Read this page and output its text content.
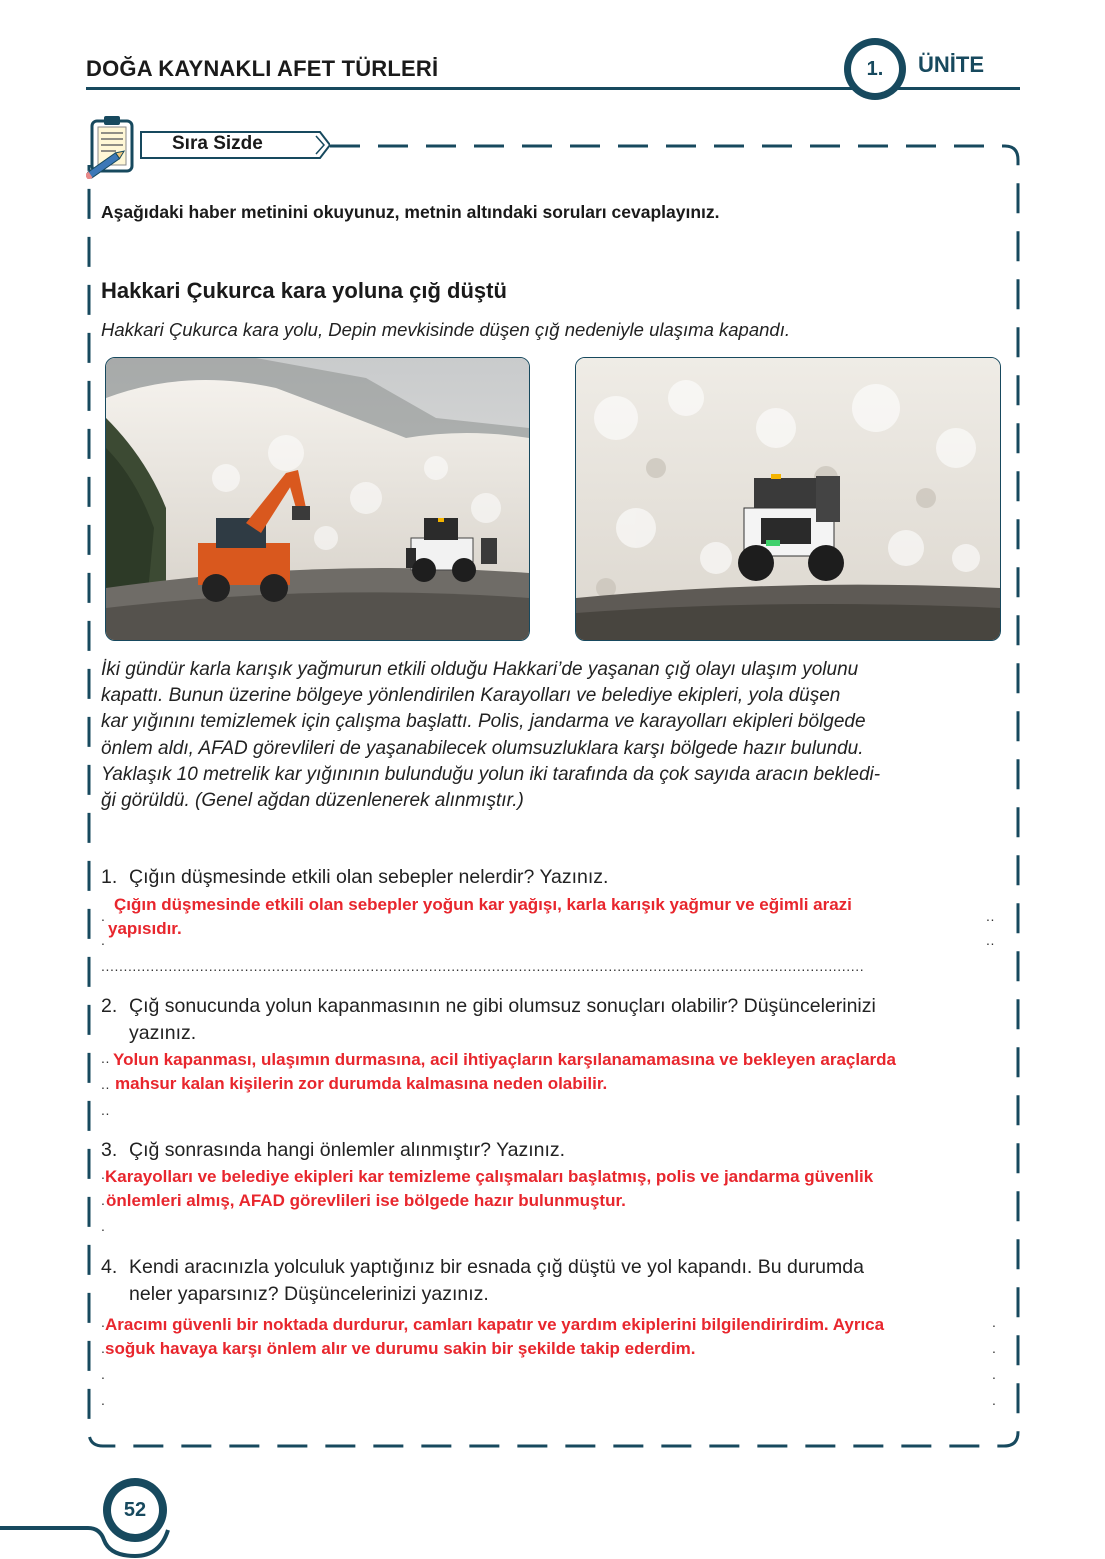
DOĞA KAYNAKLI AFET TÜRLERİ	1.	ÜNİTE
Sıra Sizde
Aşağıdaki haber metinini okuyunuz, metnin altındaki soruları cevaplayınız.
Hakkari Çukurca kara yoluna çığ düştü
Hakkari Çukurca kara yolu, Depin mevkisinde düşen çığ nedeniyle ulaşıma kapandı.

İki gündür karla karışık yağmurun etkili olduğu Hakkari’de yaşanan çığ olayı ulaşım yolunu

kapattı. Bunun üzerine bölgeye yönlendirilen Karayolları ve belediye ekipleri, yola düşen

kar yığınını temizlemek için çalışma başlattı. Polis, jandarma ve karayolları ekipleri bölgede

önlem aldı, AFAD görevlileri de yaşanabilecek olumsuzluklara karşı bölgede hazır bulundu.

Yaklaşık 10 metrelik kar yığınının bulunduğu yolun iki tarafında da çok sayıda aracın bekledi-

ği görüldü. (Genel ağdan düzenlenerek alınmıştır.)

1. Çığın düşmesinde etkili olan sebepler nelerdir? Yazınız.
Çığın düşmesinde etkili olan sebepler yoğun kar yağışı, karla karışık yağmur ve eğimli arazi
yapısıdır.
.
.
..
..
..........................................................................................................................................................................
2. Çığ sonucunda yolun kapanmasının ne gibi olumsuz sonuçları olabilir? Düşüncelerinizi
yazınız.
Yolun kapanması, ulaşımın durmasına, acil ihtiyaçların karşılanamamasına ve bekleyen araçlarda
mahsur kalan kişilerin zor durumda kalmasına neden olabilir.
..
..
..
3. Çığ sonrasında hangi önlemler alınmıştır? Yazınız.
Karayolları ve belediye ekipleri kar temizleme çalışmaları başlatmış, polis ve jandarma güvenlik
önlemleri almış, AFAD görevlileri ise bölgede hazır bulunmuştur.
.
.
.
4. Kendi aracınızla yolculuk yaptığınız bir esnada çığ düştü ve yol kapandı. Bu durumda
neler yaparsınız? Düşüncelerinizi yazınız.
Aracımı güvenli bir noktada durdurur, camları kapatır ve yardım ekiplerini bilgilendirirdim. Ayrıca
soğuk havaya karşı önlem alır ve durumu sakin bir şekilde takip ederdim.
.
.
.
.
.
.
.
.
52
